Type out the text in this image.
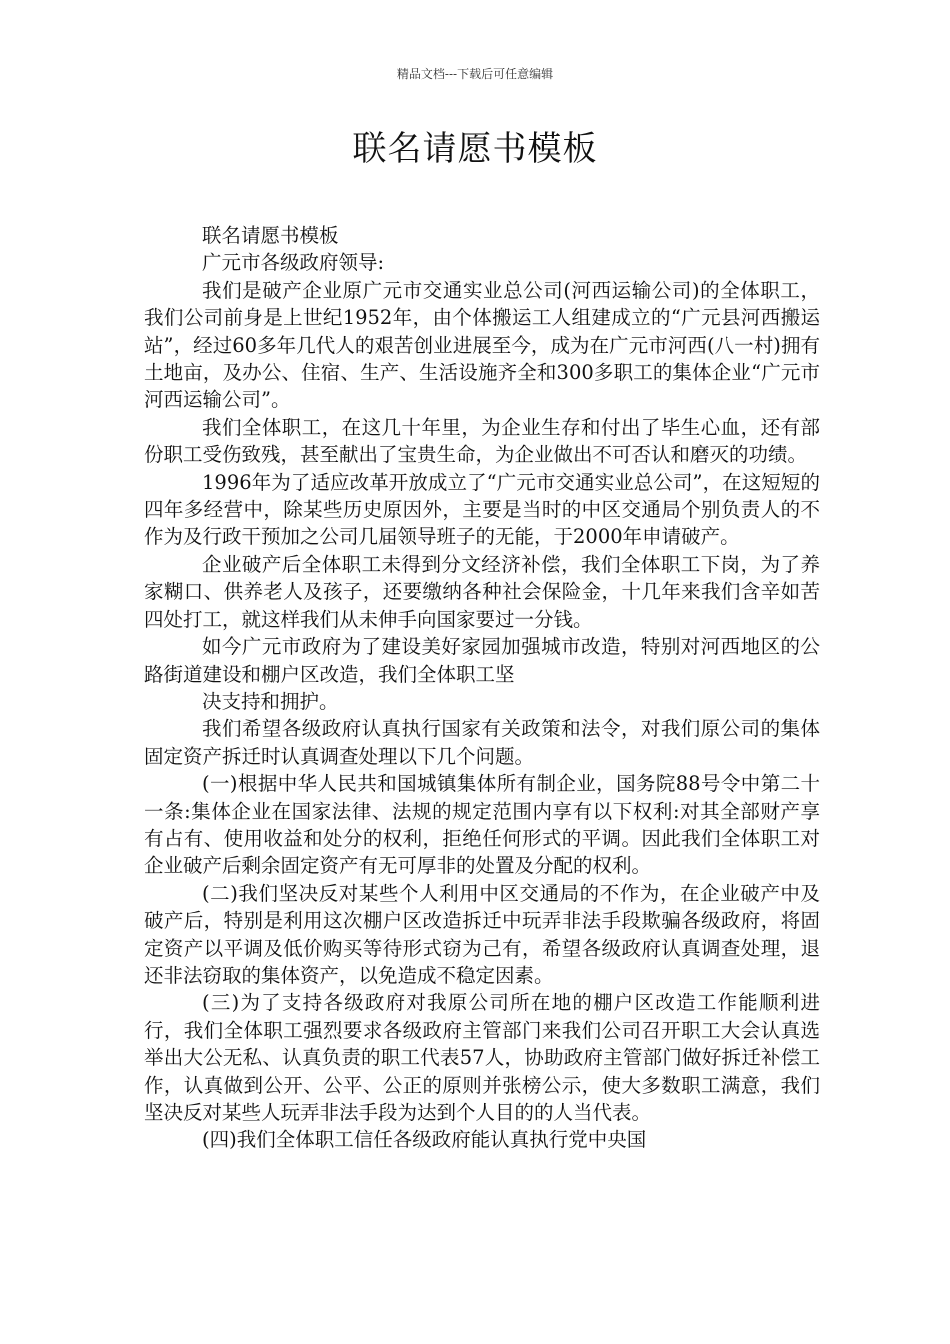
精品文档---下载后可任意编辑
联名请愿书模板

联名请愿书模板

广元市各级政府领导:

我们是破产企业原广元市交通实业总公司(河西运输公司)的全体职工，我们公司前身是上世纪1952年，由个体搬运工人组建成立的“广元县河西搬运站”，经过60多年几代人的艰苦创业进展至今，成为在广元市河西(八一村)拥有土地亩，及办公、住宿、生产、生活设施齐全和300多职工的集体企业“广元市河西运输公司”。

我们全体职工，在这几十年里，为企业生存和付出了毕生心血，还有部份职工受伤致残，甚至献出了宝贵生命，为企业做出不可否认和磨灭的功绩。

1996年为了适应改革开放成立了“广元市交通实业总公司”，在这短短的四年多经营中，除某些历史原因外，主要是当时的中区交通局个别负责人的不作为及行政干预加之公司几届领导班子的无能，于2000年申请破产。

企业破产后全体职工未得到分文经济补偿，我们全体职工下岗，为了养家糊口、供养老人及孩子，还要缴纳各种社会保险金，十几年来我们含辛如苦四处打工，就这样我们从未伸手向国家要过一分钱。

如今广元市政府为了建设美好家园加强城市改造，特别对河西地区的公路街道建设和棚户区改造，我们全体职工坚

决支持和拥护。

我们希望各级政府认真执行国家有关政策和法令，对我们原公司的集体固定资产拆迁时认真调查处理以下几个问题。

(一)根据中华人民共和国城镇集体所有制企业，国务院88号令中第二十一条:集体企业在国家法律、法规的规定范围内享有以下权利:对其全部财产享有占有、使用收益和处分的权利，拒绝任何形式的平调。因此我们全体职工对企业破产后剩余固定资产有无可厚非的处置及分配的权利。

(二)我们坚决反对某些个人利用中区交通局的不作为，在企业破产中及破产后，特别是利用这次棚户区改造拆迁中玩弄非法手段欺骗各级政府，将固定资产以平调及低价购买等待形式窃为己有，希望各级政府认真调查处理，退还非法窃取的集体资产，以免造成不稳定因素。

(三)为了支持各级政府对我原公司所在地的棚户区改造工作能顺利进行，我们全体职工强烈要求各级政府主管部门来我们公司召开职工大会认真选举出大公无私、认真负责的职工代表57人，协助政府主管部门做好拆迁补偿工作，认真做到公开、公平、公正的原则并张榜公示，使大多数职工满意，我们坚决反对某些人玩弄非法手段为达到个人目的的人当代表。

(四)我们全体职工信任各级政府能认真执行党中央国
